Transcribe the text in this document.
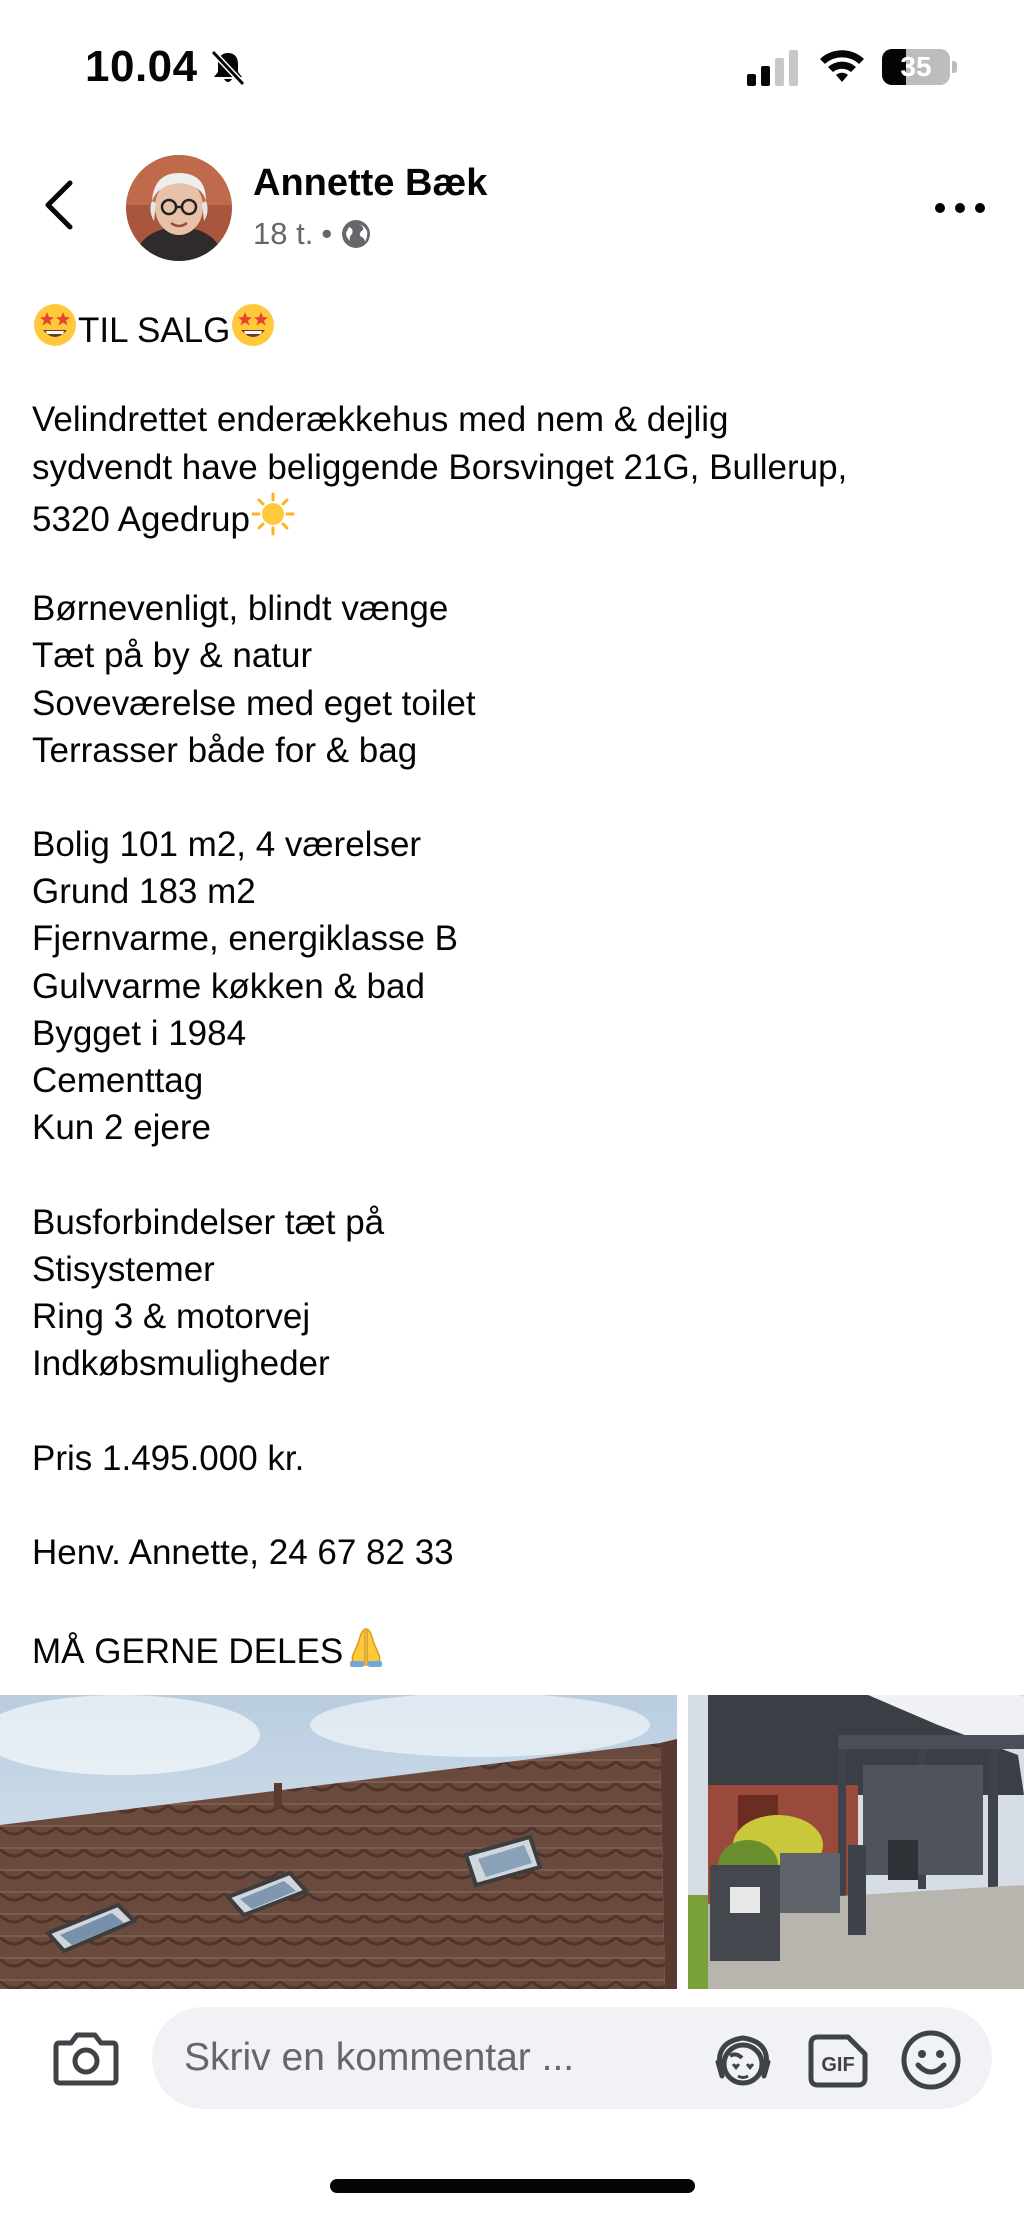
10.04	35
Annette Bæk
18 t. •
TIL SALG
Velindrettet enderækkehus med nem & dejlig
sydvendt have beliggende Borsvinget 21G, Bullerup,
5320 Agedrup
Børnevenligt, blindt vænge
Tæt på by & natur
Soveværelse med eget toilet
Terrasser både for & bag
Bolig 101 m2, 4 værelser
Grund 183 m2
Fjernvarme, energiklasse B
Gulvvarme køkken & bad
Bygget i 1984
Cementtag
Kun 2 ejere
Busforbindelser tæt på
Stisystemer
Ring 3 & motorvej
Indkøbsmuligheder
Pris 1.495.000 kr.
Henv. Annette, 24 67 82 33
MÅ GERNE DELES
Skriv en kommentar ...
GIF
